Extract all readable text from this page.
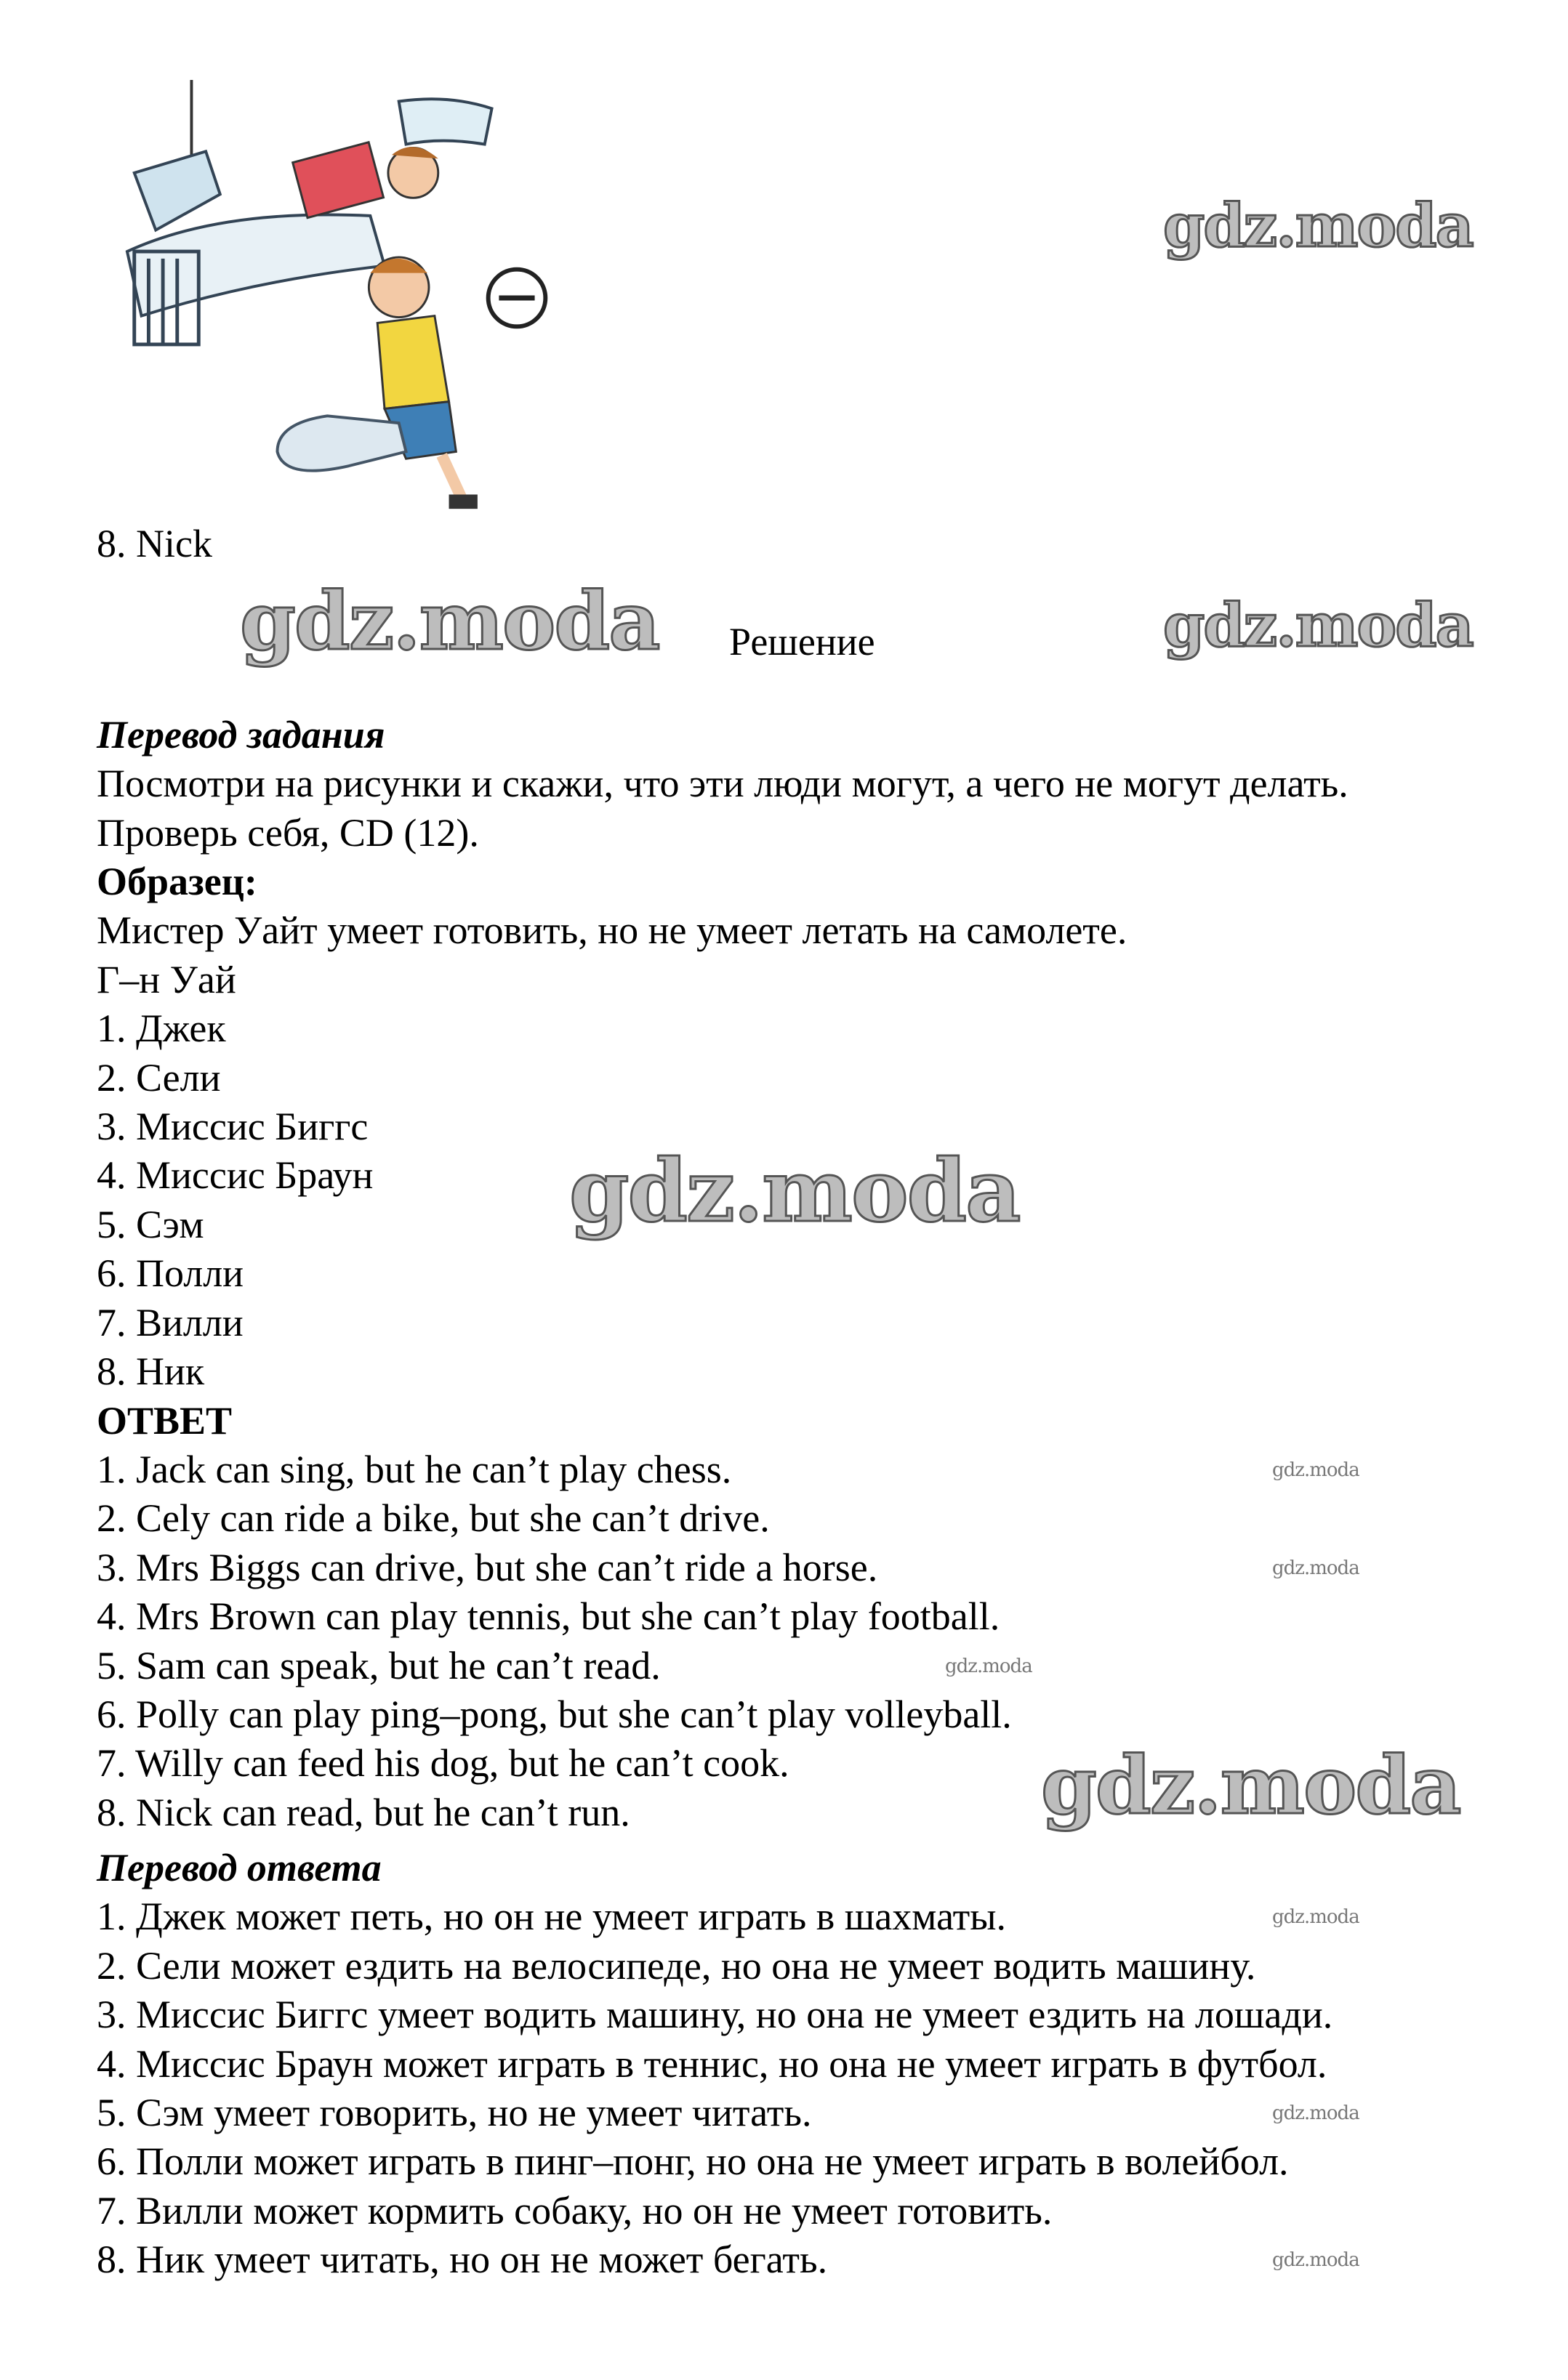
8. Nick
Решение
gdz.moda
gdz.moda	gdz.moda
gdz.moda
gdz.moda
gdz.moda
gdz.moda
gdz.moda
gdz.moda
gdz.moda
gdz.moda
Перевод задания
Посмотри на рисунки и скажи, что эти люди могут, а чего не могут делать.
Проверь себя, CD (12).
Образец:
Мистер Уайт умеет готовить, но не умеет летать на самолете.
Г–н Уай
1. Джек
2. Сели
3. Миссис Биггс
4. Миссис Браун
5. Сэм
6. Полли
7. Вилли
8. Ник
ОТВЕТ
1. Jack can sing, but he can’t play chess.
2. Cely can ride a bike, but she can’t drive.
3. Mrs Biggs can drive, but she can’t ride a horse.
4. Mrs Brown can play tennis, but she can’t play football.
5. Sam can speak, but he can’t read.
6. Polly can play ping–pong, but she can’t play volleyball.
7. Willy can feed his dog, but he can’t cook.
8. Nick can read, but he can’t run.
Перевод ответа
1. Джек может петь, но он не умеет играть в шахматы.
2. Сели может ездить на велосипеде, но она не умеет водить машину.
3. Миссис Биггс умеет водить машину, но она не умеет ездить на лошади.
4. Миссис Браун может играть в теннис, но она не умеет играть в футбол.
5. Сэм умеет говорить, но не умеет читать.
6. Полли может играть в пинг–понг, но она не умеет играть в волейбол.
7. Вилли может кормить собаку, но он не умеет готовить.
8. Ник умеет читать, но он не может бегать.
